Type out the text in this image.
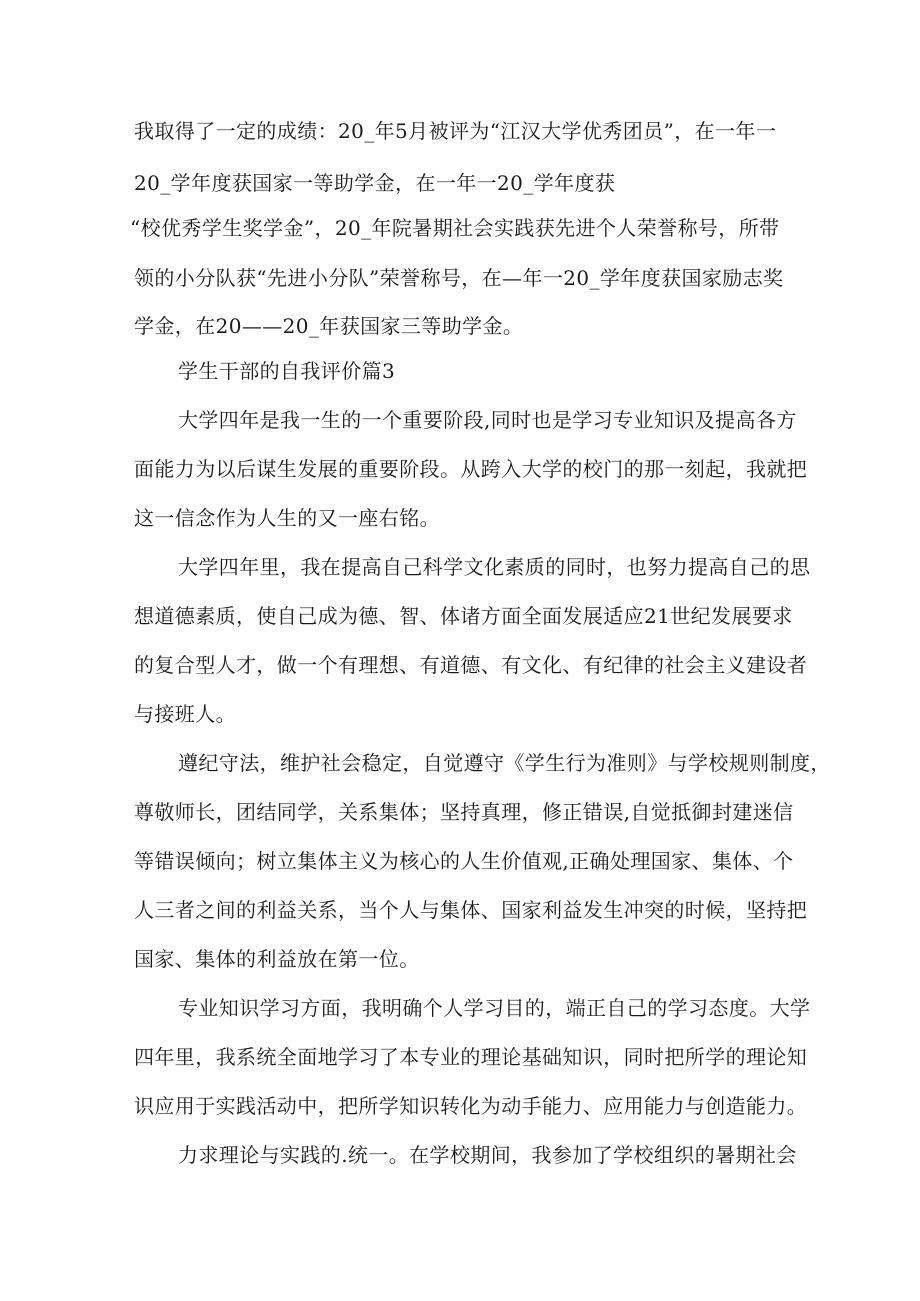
我取得了一定的成绩：20_年5月被评为“江汉大学优秀团员”，在一年一
20_学年度获国家一等助学金，在一年一20_学年度获
“校优秀学生奖学金”，20_年院暑期社会实践获先进个人荣誉称号，所带
领的小分队获“先进小分队”荣誉称号，在—年一20_学年度获国家励志奖
学金，在20——20_年获国家三等助学金。
学生干部的自我评价篇3
大学四年是我一生的一个重要阶段,同时也是学习专业知识及提高各方
面能力为以后谋生发展的重要阶段。从跨入大学的校门的那一刻起，我就把
这一信念作为人生的又一座右铭。
大学四年里，我在提高自己科学文化素质的同时，也努力提高自己的思
想道德素质，使自己成为德、智、体诸方面全面发展适应21世纪发展要求
的复合型人才，做一个有理想、有道德、有文化、有纪律的社会主义建设者
与接班人。
遵纪守法，维护社会稳定，自觉遵守《学生行为准则》与学校规则制度，
尊敬师长，团结同学，关系集体；坚持真理，修正错误,自觉抵御封建迷信
等错误倾向；树立集体主义为核心的人生价值观,正确处理国家、集体、个
人三者之间的利益关系，当个人与集体、国家利益发生冲突的时候，坚持把
国家、集体的利益放在第一位。
专业知识学习方面，我明确个人学习目的，端正自己的学习态度。大学
四年里，我系统全面地学习了本专业的理论基础知识，同时把所学的理论知
识应用于实践活动中，把所学知识转化为动手能力、应用能力与创造能力。
力求理论与实践的.统一。在学校期间，我参加了学校组织的暑期社会
